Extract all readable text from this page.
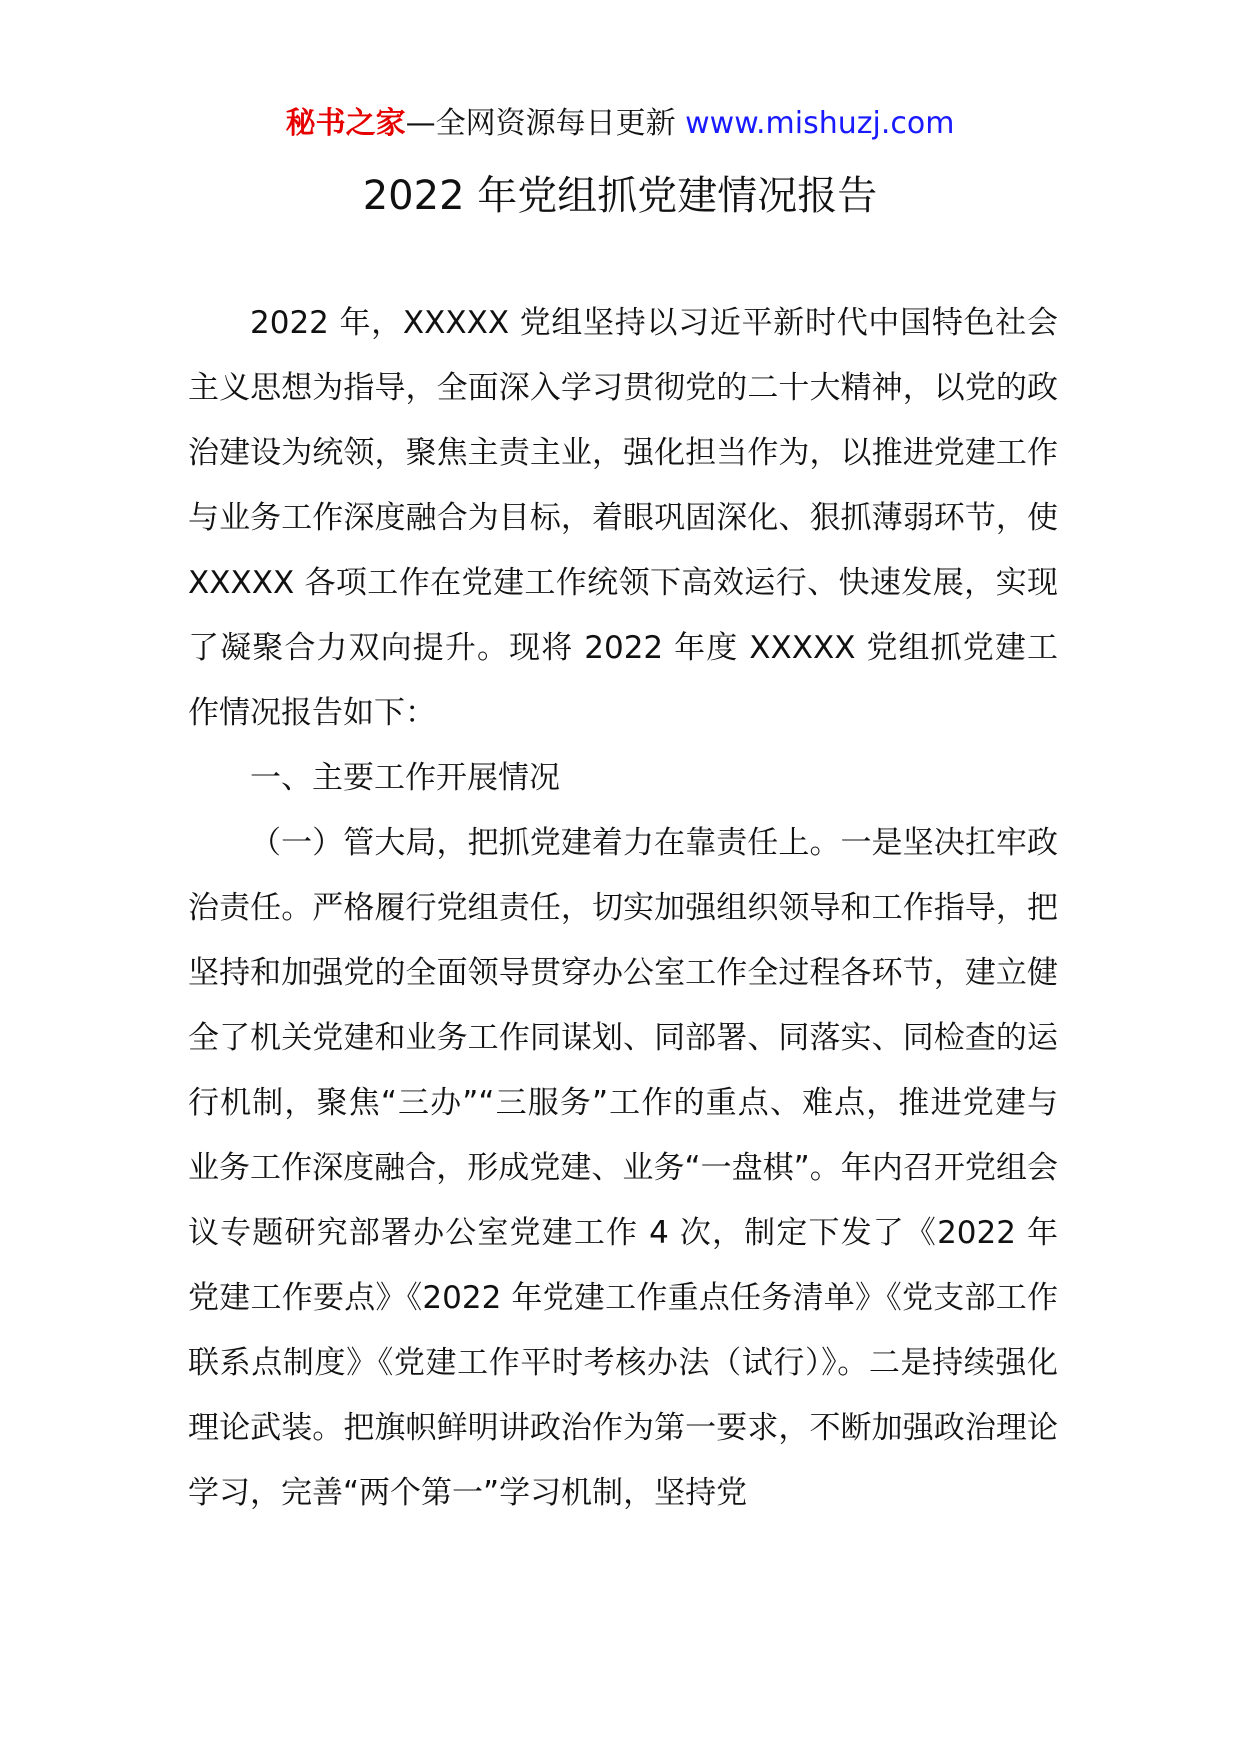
秘书之家—全网资源每日更新 www.mishuzj.com
2022 年党组抓党建情况报告

2022 年，XXXXX 党组坚持以习近平新时代中国特色社会主义思想为指导，全面深入学习贯彻党的二十大精神，以党的政治建设为统领，聚焦主责主业，强化担当作为，以推进党建工作与业务工作深度融合为目标，着眼巩固深化、狠抓薄弱环节，使 XXXXX 各项工作在党建工作统领下高效运行、快速发展，实现了凝聚合力双向提升。现将 2022 年度 XXXXX 党组抓党建工作情况报告如下：

一、主要工作开展情况

（一）管大局，把抓党建着力在靠责任上。一是坚决扛牢政治责任。严格履行党组责任，切实加强组织领导和工作指导，把坚持和加强党的全面领导贯穿办公室工作全过程各环节，建立健全了机关党建和业务工作同谋划、同部署、同落实、同检查的运行机制，聚焦“三办”“三服务”工作的重点、难点，推进党建与业务工作深度融合，形成党建、业务“一盘棋”。年内召开党组会议专题研究部署办公室党建工作 4 次，制定下发了《2022 年党建工作要点》《2022 年党建工作重点任务清单》《党支部工作联系点制度》《党建工作平时考核办法（试行）》。二是持续强化理论武装。把旗帜鲜明讲政治作为第一要求，不断加强政治理论学习，完善“两个第一”学习机制，坚持党
